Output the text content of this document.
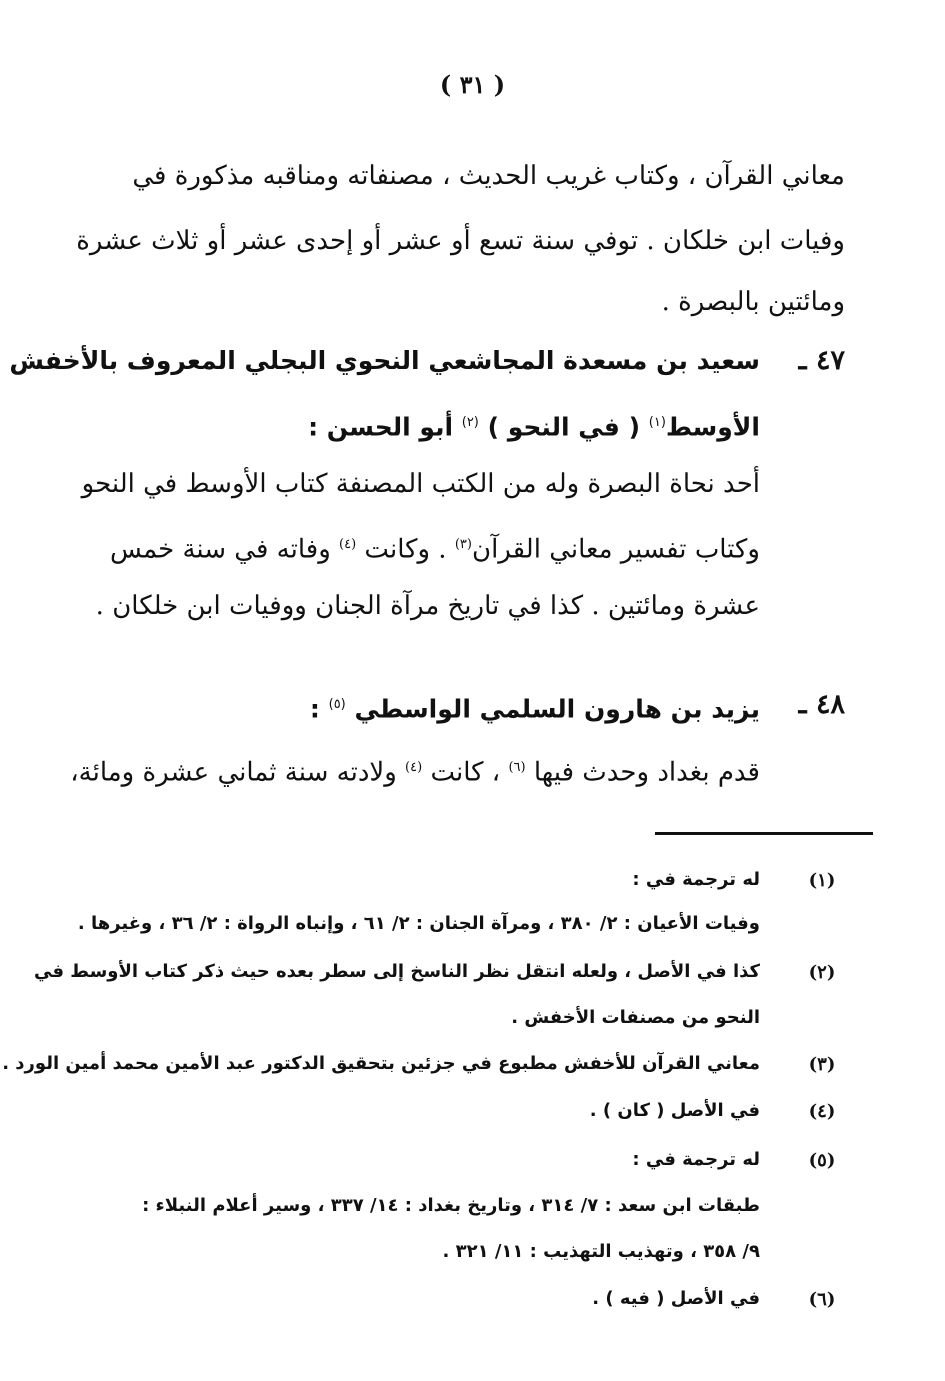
( ٣١ )
معاني القرآن ، وكتاب غريب الحديث ، مصنفاته ومناقبه مذكورة في
وفيات ابن خلكان . توفي سنة تسع أو عشر أو إحدى عشر أو ثلاث عشرة
ومائتين بالبصرة .
٤٧ ـ
سعيد بن مسعدة المجاشعي النحوي البجلي المعروف بالأخفش
الأوسط$^{(١)}$ ( في النحو ) $^{(٢)}$ أبو الحسن :
أحد نحاة البصرة وله من الكتب المصنفة كتاب الأوسط في النحو
وكتاب تفسير معاني القرآن$^{(٣)}$ . وكانت $^{(٤)}$ وفاته في سنة خمس
عشرة ومائتين . كذا في تاريخ مرآة الجنان ووفيات ابن خلكان .
٤٨ ـ
يزيد بن هارون السلمي الواسطي $^{(٥)}$ :
قدم بغداد وحدث فيها $^{(٦)}$ ، كانت $^{(٤)}$ ولادته سنة ثماني عشرة ومائة،
(١)
له ترجمة في :
وفيات الأعيان : ٢/ ٣٨٠ ، ومرآة الجنان : ٢/ ٦١ ، وإنباه الرواة : ٢/ ٣٦ ، وغيرها .
(٢)
كذا في الأصل ، ولعله انتقل نظر الناسخ إلى سطر بعده حيث ذكر كتاب الأوسط في
النحو من مصنفات الأخفش .
(٣)
معاني القرآن للأخفش مطبوع في جزئين بتحقيق الدكتور عبد الأمين محمد أمين الورد .
(٤)
في الأصل ( كان ) .
(٥)
له ترجمة في :
طبقات ابن سعد : ٧/ ٣١٤ ، وتاريخ بغداد : ١٤/ ٣٣٧ ، وسير أعلام النبلاء :
٩/ ٣٥٨ ، وتهذيب التهذيب : ١١/ ٣٢١ .
(٦)
في الأصل ( فيه ) .
